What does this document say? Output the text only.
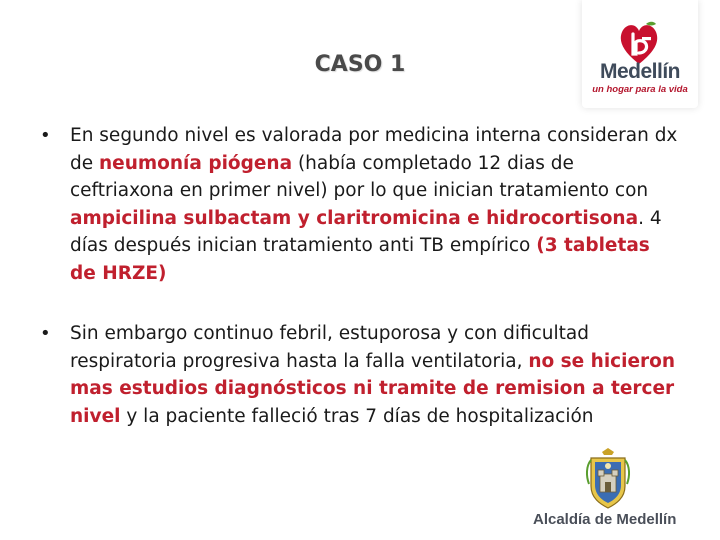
CASO 1	Medellín
un hogar para la vida
• En segundo nivel es valorada por medicina interna consideran dx de neumonía piógena (había completado 12 dias de ceftriaxona en primer nivel) por lo que inician tratamiento con ampicilina sulbactam y claritromicina e hidrocortisona. 4 días después inician tratamiento anti TB empírico (3 tabletas de HRZE)
• Sin embargo continuo febril, estuporosa y con dificultad respiratoria progresiva hasta la falla ventilatoria, no se hicieron mas estudios diagnósticos ni tramite de remision a tercer nivel y la paciente falleció tras 7 días de hospitalización
Alcaldía de Medellín
